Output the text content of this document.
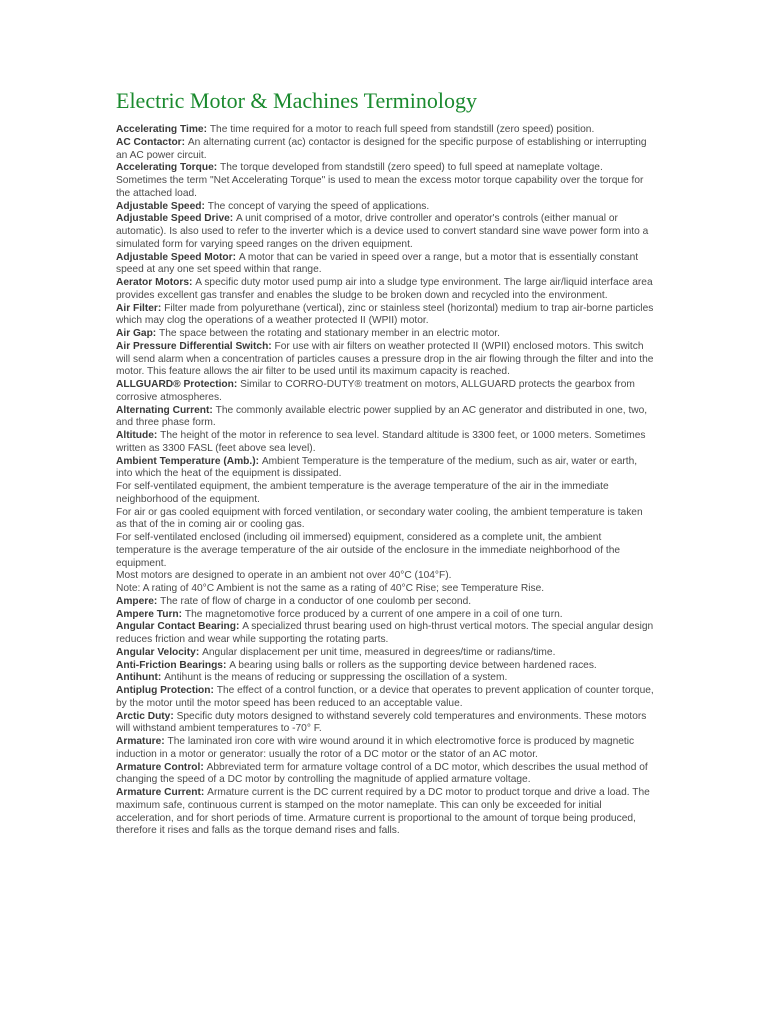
Electric Motor & Machines Terminology
Accelerating Time: The time required for a motor to reach full speed from standstill (zero speed) position.
AC Contactor: An alternating current (ac) contactor is designed for the specific purpose of establishing or interrupting an AC power circuit.
Accelerating Torque: The torque developed from standstill (zero speed) to full speed at nameplate voltage. Sometimes the term "Net Accelerating Torque" is used to mean the excess motor torque capability over the torque for the attached load.
Adjustable Speed: The concept of varying the speed of applications.
Adjustable Speed Drive: A unit comprised of a motor, drive controller and operator's controls (either manual or automatic). Is also used to refer to the inverter which is a device used to convert standard sine wave power form into a simulated form for varying speed ranges on the driven equipment.
Adjustable Speed Motor: A motor that can be varied in speed over a range, but a motor that is essentially constant speed at any one set speed within that range.
Aerator Motors: A specific duty motor used pump air into a sludge type environment. The large air/liquid interface area provides excellent gas transfer and enables the sludge to be broken down and recycled into the environment.
Air Filter: Filter made from polyurethane (vertical), zinc or stainless steel (horizontal) medium to trap air-borne particles which may clog the operations of a weather protected II (WPII) motor.
Air Gap: The space between the rotating and stationary member in an electric motor.
Air Pressure Differential Switch: For use with air filters on weather protected II (WPII) enclosed motors. This switch will send alarm when a concentration of particles causes a pressure drop in the air flowing through the filter and into the motor. This feature allows the air filter to be used until its maximum capacity is reached.
ALLGUARD® Protection: Similar to CORRO-DUTY® treatment on motors, ALLGUARD protects the gearbox from corrosive atmospheres.
Alternating Current: The commonly available electric power supplied by an AC generator and distributed in one, two, and three phase form.
Altitude: The height of the motor in reference to sea level. Standard altitude is 3300 feet, or 1000 meters. Sometimes written as 3300 FASL (feet above sea level).
Ambient Temperature (Amb.): Ambient Temperature is the temperature of the medium, such as air, water or earth, into which the heat of the equipment is dissipated.
For self-ventilated equipment, the ambient temperature is the average temperature of the air in the immediate neighborhood of the equipment.
For air or gas cooled equipment with forced ventilation, or secondary water cooling, the ambient temperature is taken as that of the in coming air or cooling gas.
For self-ventilated enclosed (including oil immersed) equipment, considered as a complete unit, the ambient temperature is the average temperature of the air outside of the enclosure in the immediate neighborhood of the equipment.
Most motors are designed to operate in an ambient not over 40°C (104°F).
Note: A rating of 40°C Ambient is not the same as a rating of 40°C Rise; see Temperature Rise.
Ampere: The rate of flow of charge in a conductor of one coulomb per second.
Ampere Turn: The magnetomotive force produced by a current of one ampere in a coil of one turn.
Angular Contact Bearing: A specialized thrust bearing used on high-thrust vertical motors. The special angular design reduces friction and wear while supporting the rotating parts.
Angular Velocity: Angular displacement per unit time, measured in degrees/time or radians/time.
Anti-Friction Bearings: A bearing using balls or rollers as the supporting device between hardened races.
Antihunt: Antihunt is the means of reducing or suppressing the oscillation of a system.
Antiplug Protection: The effect of a control function, or a device that operates to prevent application of counter torque, by the motor until the motor speed has been reduced to an acceptable value.
Arctic Duty: Specific duty motors designed to withstand severely cold temperatures and environments. These motors will withstand ambient temperatures to -70° F.
Armature: The laminated iron core with wire wound around it in which electromotive force is produced by magnetic induction in a motor or generator: usually the rotor of a DC motor or the stator of an AC motor.
Armature Control: Abbreviated term for armature voltage control of a DC motor, which describes the usual method of changing the speed of a DC motor by controlling the magnitude of applied armature voltage.
Armature Current: Armature current is the DC current required by a DC motor to product torque and drive a load. The maximum safe, continuous current is stamped on the motor nameplate. This can only be exceeded for initial acceleration, and for short periods of time. Armature current is proportional to the amount of torque being produced, therefore it rises and falls as the torque demand rises and falls.
